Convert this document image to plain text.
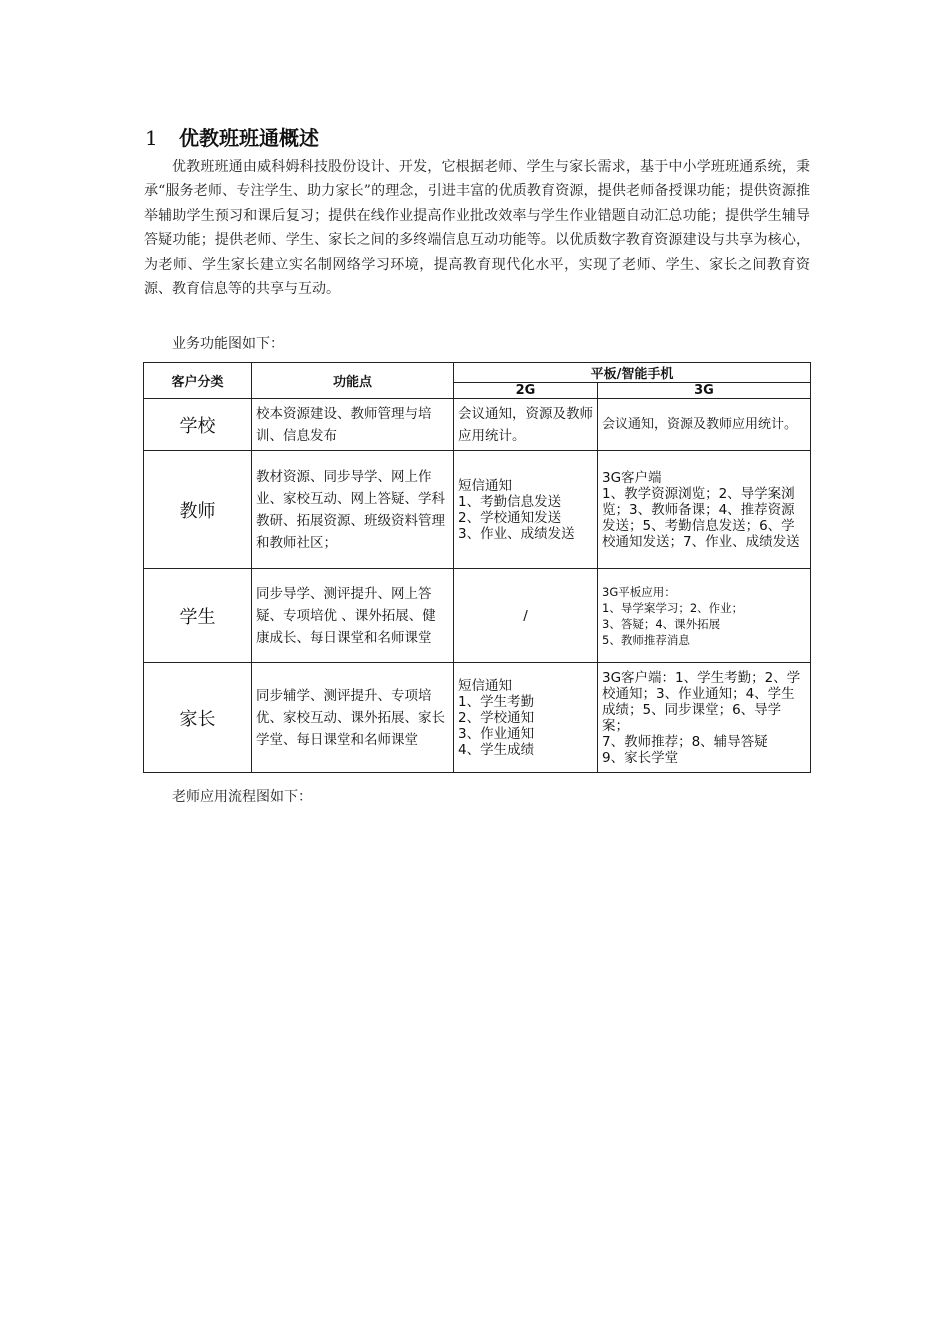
1 优教班班通概述

优教班班通由威科姆科技股份设计、开发，它根据老师、学生与家长需求，基于中小学班班通系统，秉承“服务老师、专注学生、助力家长”的理念，引进丰富的优质教育资源，提供老师备授课功能；提供资源推举辅助学生预习和课后复习；提供在线作业提高作业批改效率与学生作业错题自动汇总功能；提供学生辅导答疑功能；提供老师、学生、家长之间的多终端信息互动功能等。以优质数字教育资源建设与共享为核心，为老师、学生家长建立实名制网络学习环境，提高教育现代化水平，实现了老师、学生、家长之间教育资源、教育信息等的共享与互动。

业务功能图如下：
客户分类	功能点	平板/智能手机	
		2G	3G
学校	校本资源建设、教师管理与培训、信息发布	会议通知，资源及教师应用统计。	会议通知，资源及教师应用统计。

教师	教材资源、同步导学、网上作业、家校互动、网上答疑、学科教研、拓展资源、班级资料管理和教师社区；	短信通知
1、考勤信息发送
2、学校通知发送
3、作业、成绩发送	3G客户端
1、教学资源浏览；2、导学案浏览；3、教师备课；4、推荐资源发送；5、考勤信息发送；6、学校通知发送；7、作业、成绩发送

学生	同步导学、测评提升、网上答疑、专项培优 、课外拓展、健康成长、每日课堂和名师课堂	/	3G平板应用：
1、导学案学习；2、作业；
3、答疑；4、课外拓展
5、教师推荐消息

家长	同步辅学、测评提升、专项培优、家校互动、课外拓展、家长学堂、每日课堂和名师课堂	短信通知
1、学生考勤
2、学校通知
3、作业通知
4、学生成绩	3G客户端：1、学生考勤；2、学校通知；3、作业通知；4、学生成绩；5、同步课堂；6、导学案；
7、教师推荐；8、辅导答疑
9、家长学堂
老师应用流程图如下：
